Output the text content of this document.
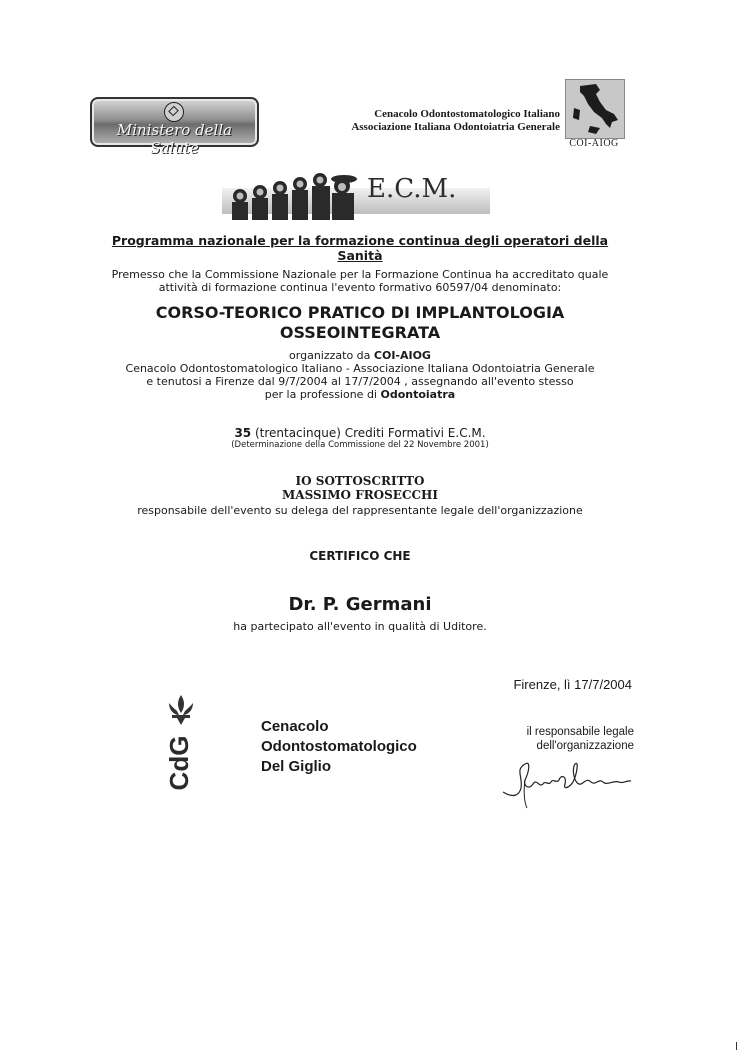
Ministero della Salute
Cenacolo Odontostomatologico Italiano
Associazione Italiana Odontoiatria Generale
COI-AIOG
E.C.M.
Programma nazionale per la formazione continua degli operatori della
Sanità
Premesso che la Commissione Nazionale per la Formazione Continua ha accreditato quale
attività di formazione continua l'evento formativo 60597/04 denominato:
CORSO-TEORICO PRATICO DI IMPLANTOLOGIA
OSSEOINTEGRATA
organizzato da COI-AIOG
Cenacolo Odontostomatologico Italiano - Associazione Italiana Odontoiatria Generale
e tenutosi a Firenze dal 9/7/2004 al 17/7/2004 , assegnando all'evento stesso
per la professione di Odontoiatra
35 (trentacinque) Crediti Formativi E.C.M.
(Determinazione della Commissione del 22 Novembre 2001)
IO SOTTOSCRITTO
MASSIMO FROSECCHI
responsabile dell'evento su delega del rappresentante legale dell'organizzazione
CERTIFICO CHE
Dr. P. Germani
ha partecipato all'evento in qualità di Uditore.
Firenze, lì 17/7/2004
CdG
Cenacolo
Odontostomatologico
Del Giglio
il responsabile legale
dell'organizzazione
